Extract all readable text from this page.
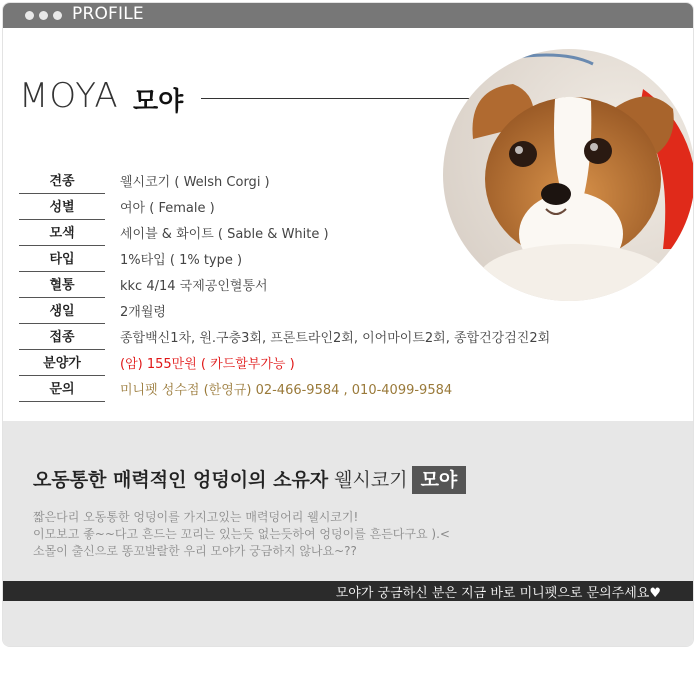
PROFILE
MOYA 모야
견종	웰시코기 ( Welsh Corgi )
성별	여아 ( Female )
모색	세이블 & 화이트 ( Sable & White )
타입	1%타입 ( 1% type )
혈통	kkc 4/14 국제공인혈통서
생일	2개월령
접종	종합백신1차, 원.구충3회, 프론트라인2회, 이어마이트2회, 종합건강검진2회
분양가	(암) 155만원 ( 카드할부가능 )
문의	미니펫 성수점 (한영규) 02-466-9584 , 010-4099-9584
오동통한 매력적인 엉덩이의 소유자 웰시코기 모야
짧은다리 오동통한 엉덩이를 가지고있는 매력덩어리 웰시코기!
이모보고 좋~~다고 흔드는 꼬리는 있는듯 없는듯하여 엉덩이를 흔든다구요 ).<
소몰이 출신으로 똥꼬발랄한 우리 모야가 궁금하지 않나요~??
모야가 궁금하신 분은 지금 바로 미니펫으로 문의주세요♥
